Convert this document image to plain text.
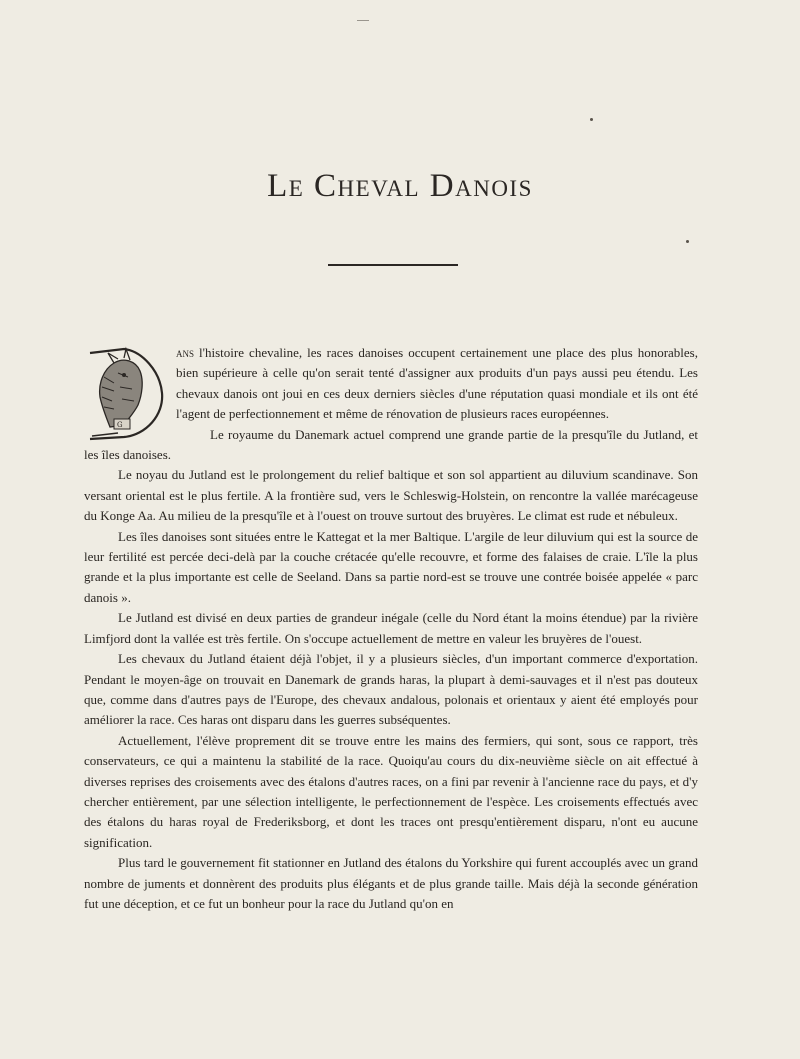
Le Cheval Danois
G

ans l'histoire chevaline, les races danoises occupent certainement une place des plus honorables, bien supérieure à celle qu'on serait tenté d'assigner aux produits d'un pays aussi peu étendu. Les chevaux danois ont joui en ces deux derniers siècles d'une réputation quasi mondiale et ils ont été l'agent de perfectionnement et même de rénovation de plusieurs races européennes.

Le royaume du Danemark actuel comprend une grande partie de la presqu'île du Jutland, et les îles danoises.

Le noyau du Jutland est le prolongement du relief baltique et son sol appartient au diluvium scandinave. Son versant oriental est le plus fertile. A la frontière sud, vers le Schleswig-Holstein, on rencontre la vallée marécageuse du Konge Aa. Au milieu de la presqu'île et à l'ouest on trouve surtout des bruyères. Le climat est rude et nébuleux.

Les îles danoises sont situées entre le Kattegat et la mer Baltique. L'argile de leur diluvium qui est la source de leur fertilité est percée deci-delà par la couche crétacée qu'elle recouvre, et forme des falaises de craie. L'île la plus grande et la plus importante est celle de Seeland. Dans sa partie nord-est se trouve une contrée boisée appelée « parc danois ».

Le Jutland est divisé en deux parties de grandeur inégale (celle du Nord étant la moins étendue) par la rivière Limfjord dont la vallée est très fertile. On s'occupe actuellement de mettre en valeur les bruyères de l'ouest.

Les chevaux du Jutland étaient déjà l'objet, il y a plusieurs siècles, d'un important commerce d'exportation. Pendant le moyen-âge on trouvait en Danemark de grands haras, la plupart à demi-sauvages et il n'est pas douteux que, comme dans d'autres pays de l'Europe, des chevaux andalous, polonais et orientaux y aient été employés pour améliorer la race. Ces haras ont disparu dans les guerres subséquentes.

Actuellement, l'élève proprement dit se trouve entre les mains des fermiers, qui sont, sous ce rapport, très conservateurs, ce qui a maintenu la stabilité de la race. Quoiqu'au cours du dix-neuvième siècle on ait effectué à diverses reprises des croisements avec des étalons d'autres races, on a fini par revenir à l'ancienne race du pays, et d'y chercher entièrement, par une sélection intelligente, le perfectionnement de l'espèce. Les croisements effectués avec des étalons du haras royal de Frederiksborg, et dont les traces ont presqu'entièrement disparu, n'ont eu aucune signification.

Plus tard le gouvernement fit stationner en Jutland des étalons du Yorkshire qui furent accouplés avec un grand nombre de juments et donnèrent des produits plus élégants et de plus grande taille. Mais déjà la seconde génération fut une déception, et ce fut un bonheur pour la race du Jutland qu'on en
